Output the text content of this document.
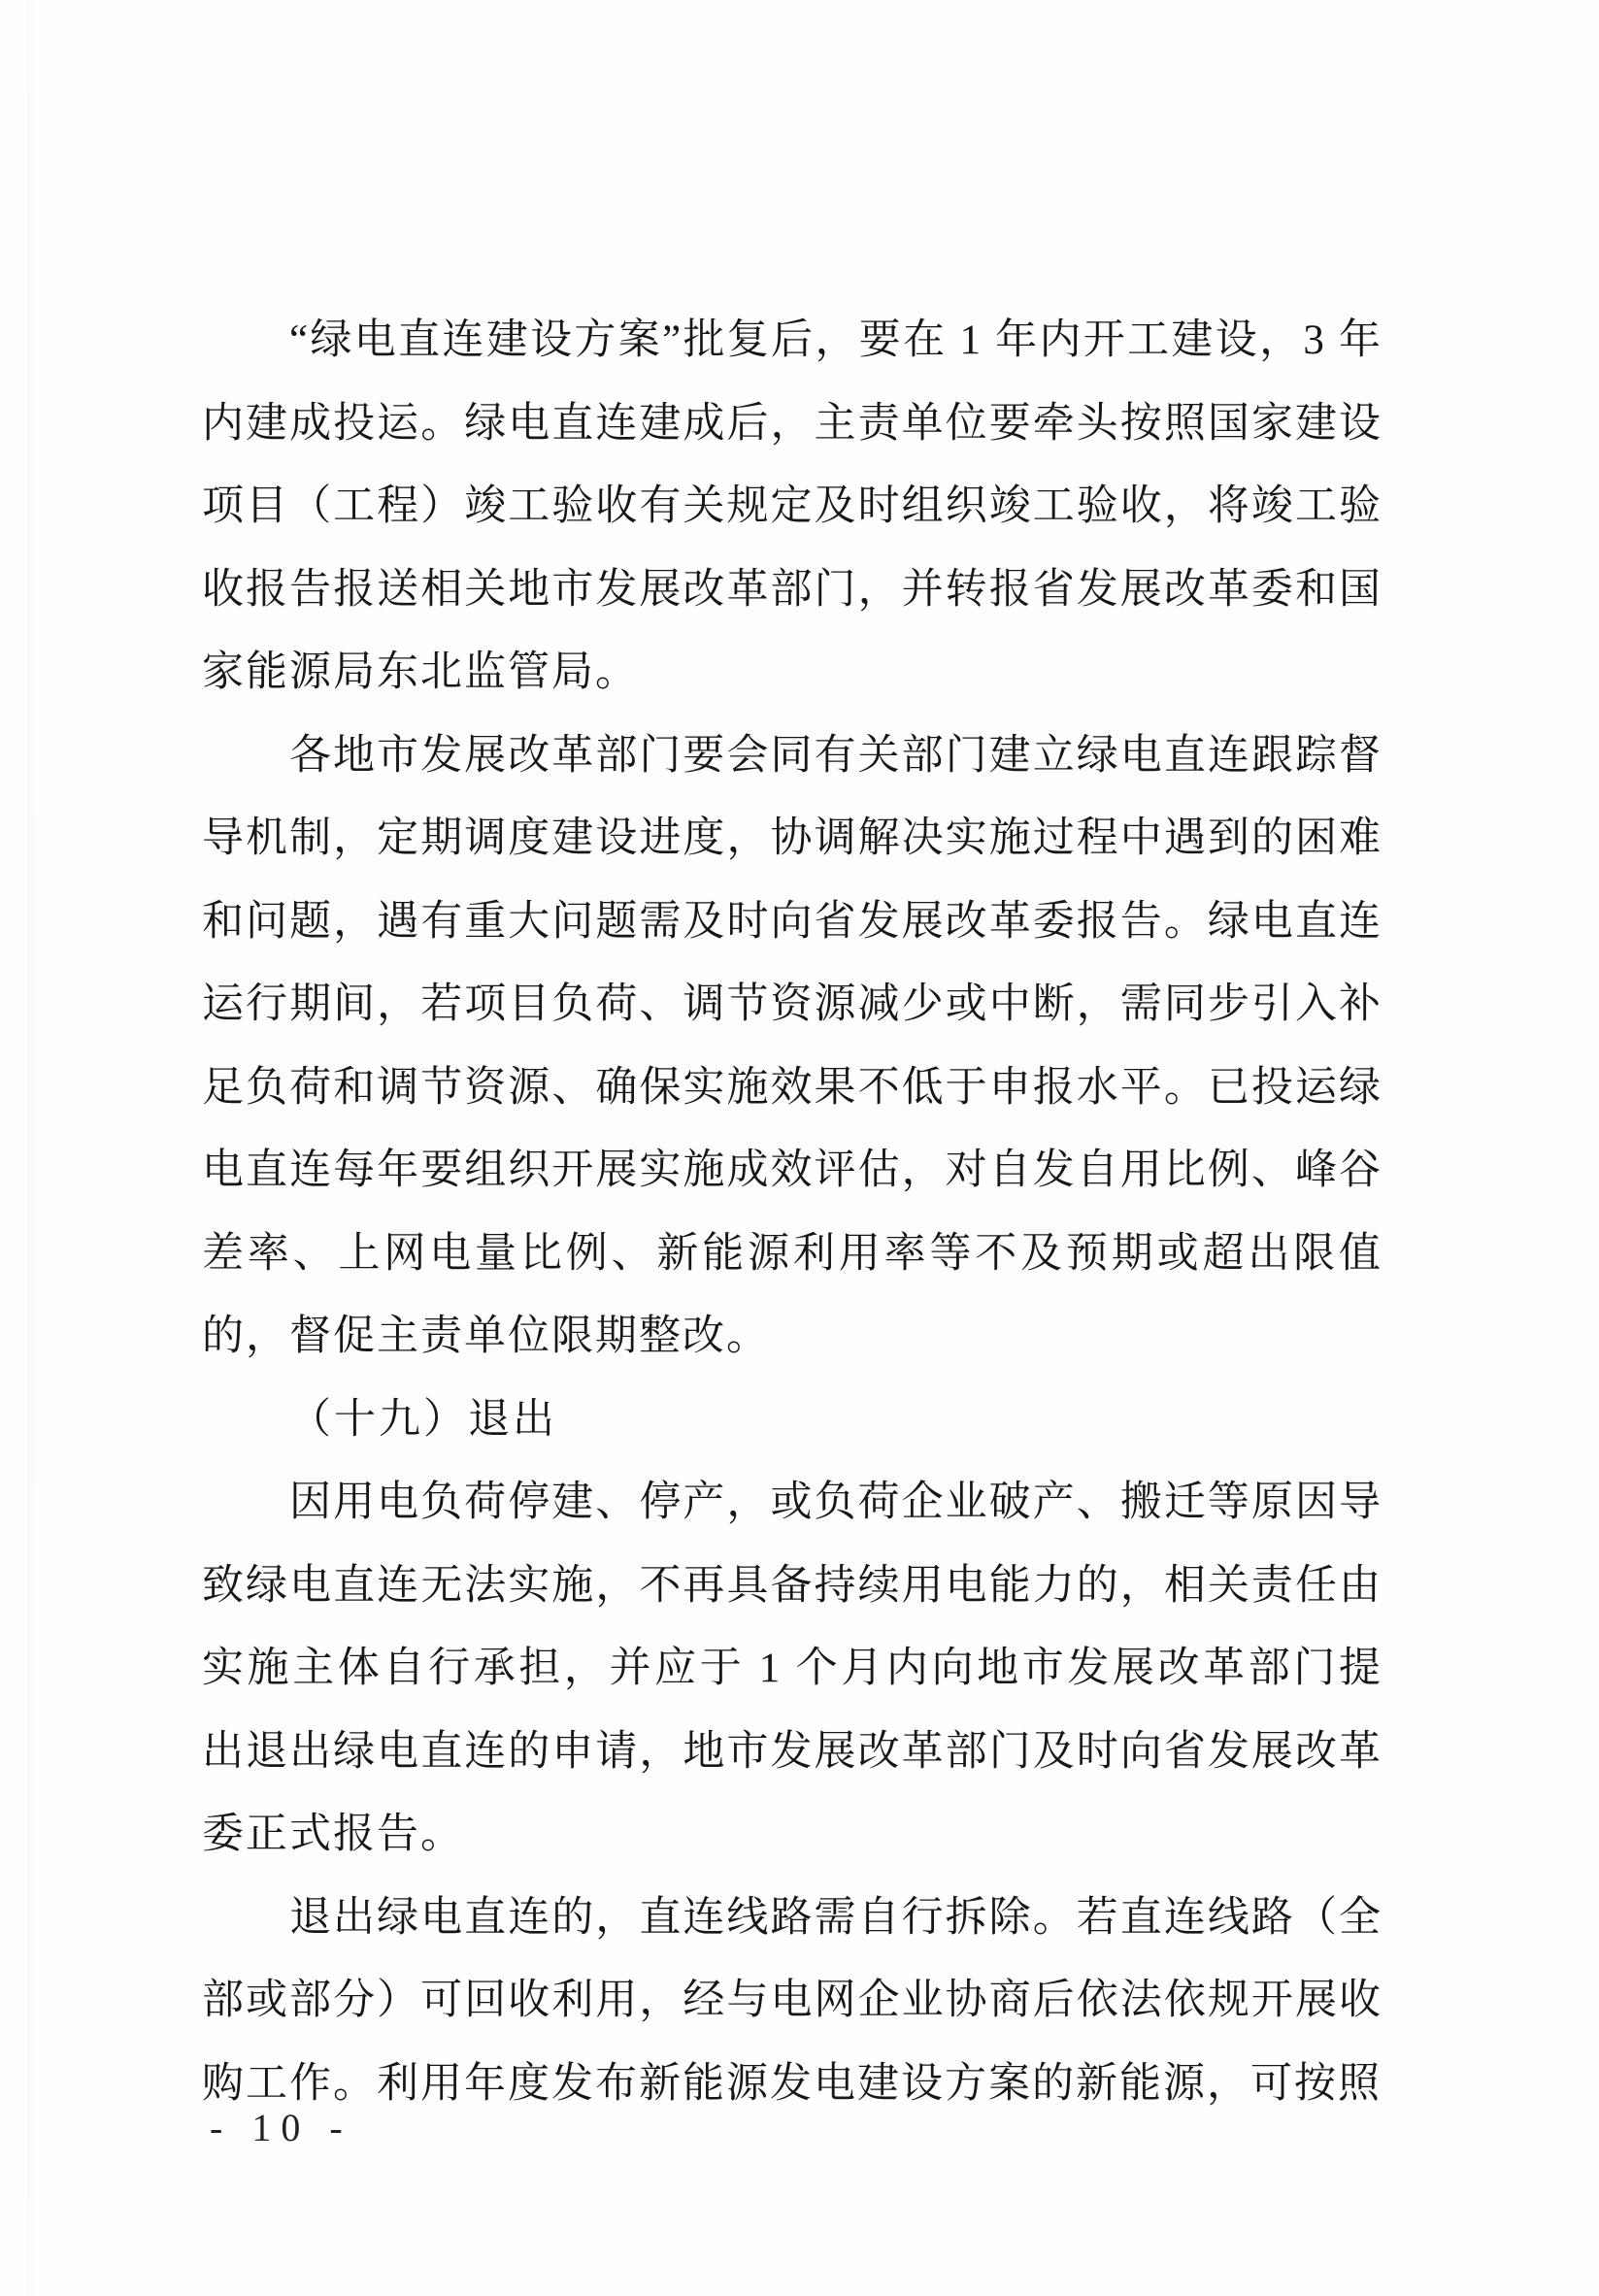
“绿电直连建设方案”批复后，要在 1 年内开工建设，3 年内建成投运。绿电直连建成后，主责单位要牵头按照国家建设项目（工程）竣工验收有关规定及时组织竣工验收，将竣工验收报告报送相关地市发展改革部门，并转报省发展改革委和国家能源局东北监管局。

各地市发展改革部门要会同有关部门建立绿电直连跟踪督导机制，定期调度建设进度，协调解决实施过程中遇到的困难和问题，遇有重大问题需及时向省发展改革委报告。绿电直连运行期间，若项目负荷、调节资源减少或中断，需同步引入补足负荷和调节资源、确保实施效果不低于申报水平。已投运绿电直连每年要组织开展实施成效评估，对自发自用比例、峰谷差率、上网电量比例、新能源利用率等不及预期或超出限值的，督促主责单位限期整改。

（十九）退出

因用电负荷停建、停产，或负荷企业破产、搬迁等原因导致绿电直连无法实施，不再具备持续用电能力的，相关责任由实施主体自行承担，并应于 1 个月内向地市发展改革部门提出退出绿电直连的申请，地市发展改革部门及时向省发展改革委正式报告。

退出绿电直连的，直连线路需自行拆除。若直连线路（全部或部分）可回收利用，经与电网企业协商后依法依规开展收购工作。利用年度发布新能源发电建设方案的新能源，可按照

- 10 -
